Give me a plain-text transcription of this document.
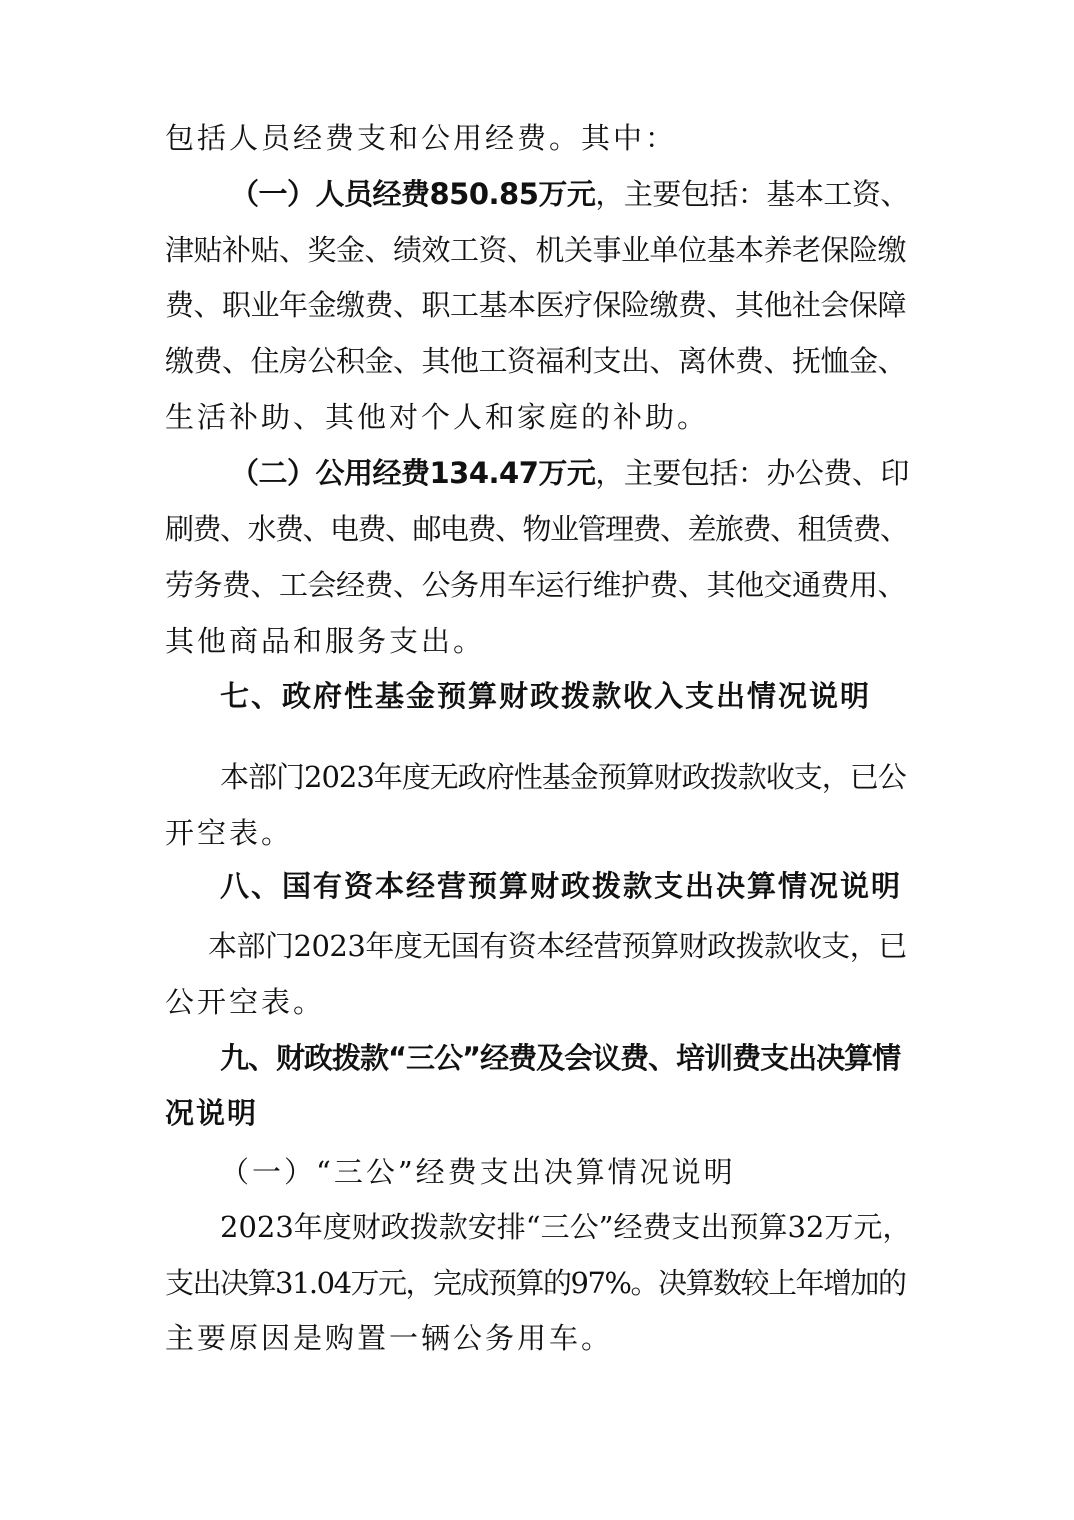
包括人员经费支和公用经费。其中：
（一）人员经费850.85万元，主要包括：基本工资、
津贴补贴、奖金、绩效工资、机关事业单位基本养老保险缴
费、职业年金缴费、职工基本医疗保险缴费、其他社会保障
缴费、住房公积金、其他工资福利支出、离休费、抚恤金、
生活补助、其他对个人和家庭的补助。
（二）公用经费134.47万元，主要包括：办公费、印
刷费、水费、电费、邮电费、物业管理费、差旅费、租赁费、
劳务费、工会经费、公务用车运行维护费、其他交通费用、
其他商品和服务支出。
七、政府性基金预算财政拨款收入支出情况说明
本部门2023年度无政府性基金预算财政拨款收支，已公
开空表。
八、国有资本经营预算财政拨款支出决算情况说明
本部门2023年度无国有资本经营预算财政拨款收支，已
公开空表。
九、财政拨款“三公”经费及会议费、培训费支出决算情
况说明
（一）“三公”经费支出决算情况说明
2023年度财政拨款安排“三公”经费支出预算32万元，
支出决算31.04万元，完成预算的97%。决算数较上年增加的
主要原因是购置一辆公务用车。
